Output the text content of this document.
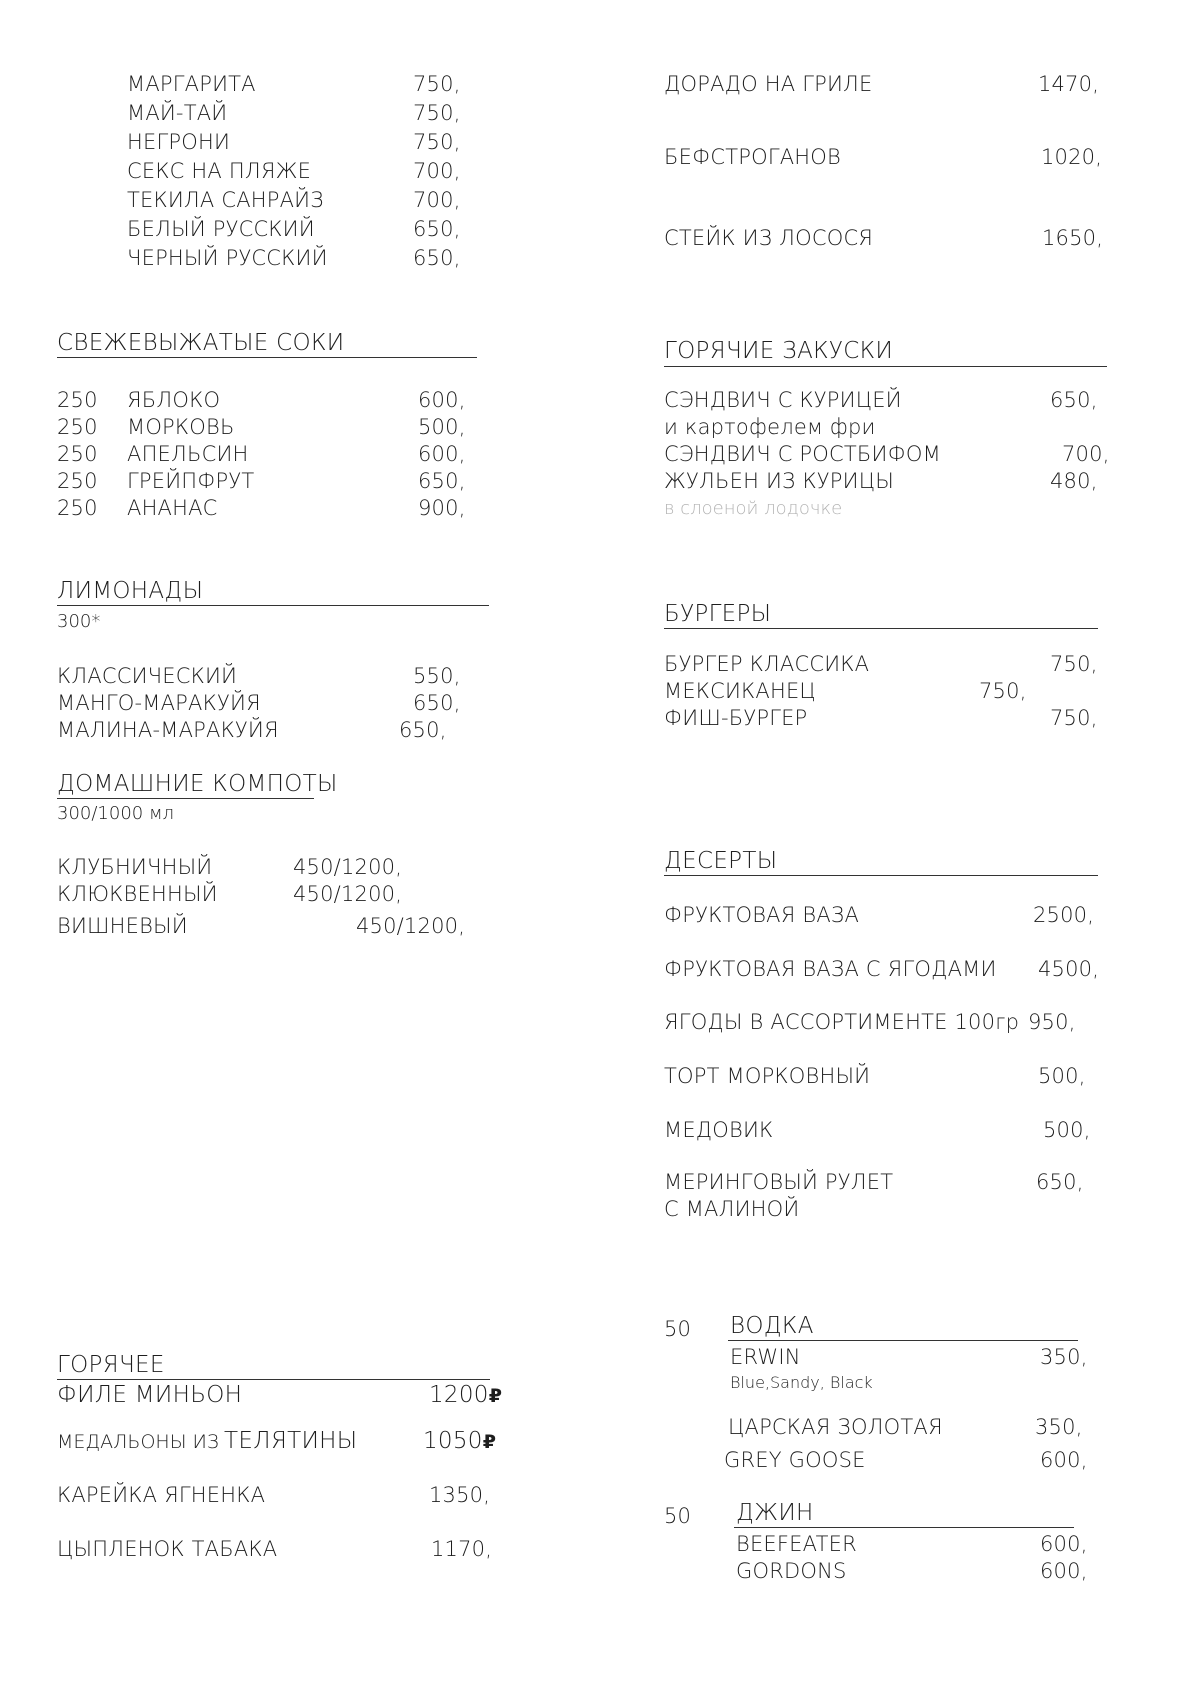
МАРГАРИТА	750,
МАЙ-ТАЙ	750,
НЕГРОНИ	750,
СЕКС НА ПЛЯЖЕ	700,
ТЕКИЛА САНРАЙЗ	700,
БЕЛЫЙ РУССКИЙ	650,
ЧЕРНЫЙ РУССКИЙ	650,
СВЕЖЕВЫЖАТЫЕ СОКИ
250 ЯБЛОКО	600,
250 МОРКОВЬ	500,
250 АПЕЛЬСИН	600,
250 ГРЕЙПФРУТ	650,
250 АНАНАС	900,
ЛИМОНАДЫ
300*
КЛАССИЧЕСКИЙ	550,
МАНГО-МАРАКУЙЯ	650,
МАЛИНА-МАРАКУЙЯ	650,
ДОМАШНИЕ КОМПОТЫ
300/1000 мл
КЛУБНИЧНЫЙ	450/1200,
КЛЮКВЕННЫЙ	450/1200,
ВИШНЕВЫЙ	450/1200,
ГОРЯЧЕЕ
ФИЛЕ МИНЬОН	1200₽
МЕДАЛЬОНЫ ИЗ ТЕЛЯТИНЫ	1050₽
КАРЕЙКА ЯГНЕНКА	1350,
ЦЫПЛЕНОК ТАБАКА	1170,
ДОРАДО НА ГРИЛЕ	1470,
БЕФСТРОГАНОВ	1020,
СТЕЙК ИЗ ЛОСОСЯ	1650,
ГОРЯЧИЕ ЗАКУСКИ
СЭНДВИЧ С КУРИЦЕЙ	650,
и картофелем фри
СЭНДВИЧ С РОСТБИФОМ	700,
ЖУЛЬЕН ИЗ КУРИЦЫ	480,
в слоеной лодочке
БУРГЕРЫ
БУРГЕР КЛАССИКА	750,
МЕКСИКАНЕЦ	750,
ФИШ-БУРГЕР	750,
ДЕСЕРТЫ
ФРУКТОВАЯ ВАЗА	2500,
ФРУКТОВАЯ ВАЗА С ЯГОДАМИ 4500,
ЯГОДЫ В АССОРТИМЕНТЕ 100гр 950,
ТОРТ МОРКОВНЫЙ	500,
МЕДОВИК	500,
МЕРИНГОВЫЙ РУЛЕТ	650,
С МАЛИНОЙ
50 ВОДКА
ERWIN	350,
Blue,Sandy, Black
ЦАРСКАЯ ЗОЛОТАЯ	350,
GREY GOOSE	600,
50 ДЖИН
BEEFEATER	600,
GORDONS	600,
